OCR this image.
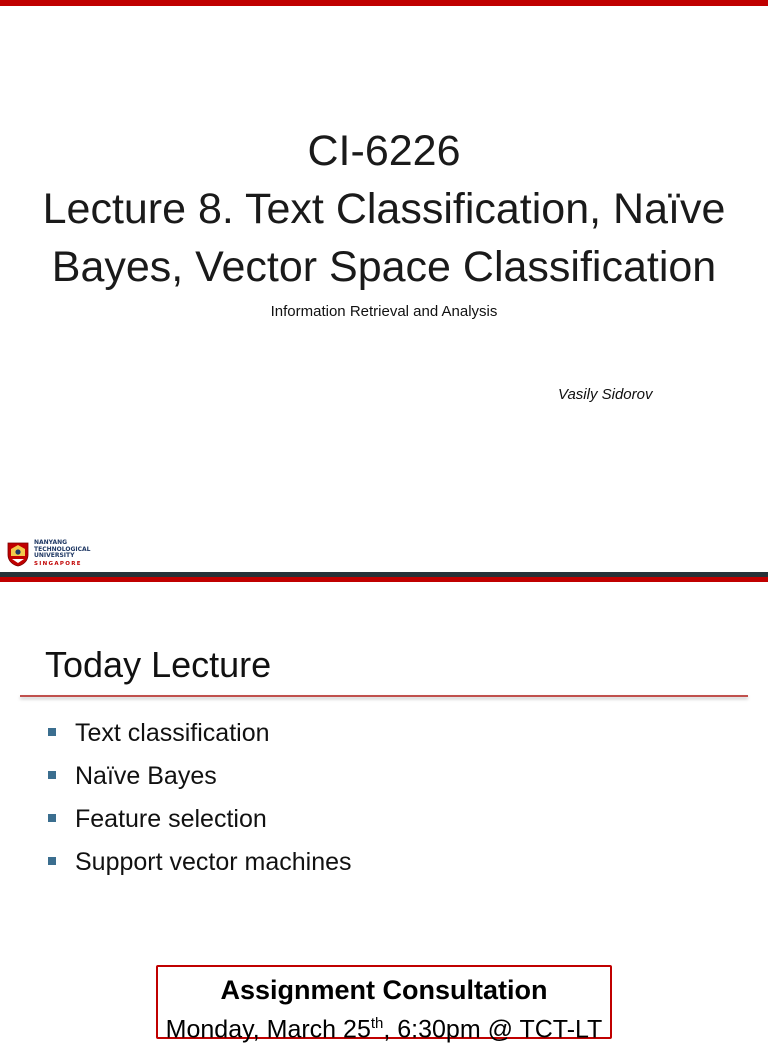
CI-6226
Lecture 8. Text Classification, Naïve
Bayes, Vector Space Classification
Information Retrieval and Analysis
Vasily Sidorov
NANYANG
TECHNOLOGICAL
UNIVERSITY
SINGAPORE
Today Lecture
Text classification
Naïve Bayes
Feature selection
Support vector machines
Assignment Consultation
Monday, March 25th, 6:30pm @ TCT-LT
